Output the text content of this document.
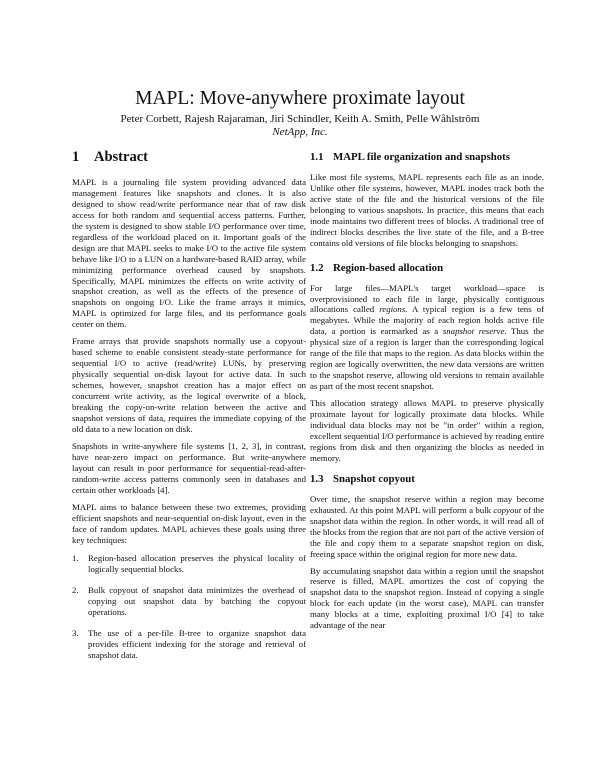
MAPL: Move-anywhere proximate layout
Peter Corbett, Rajesh Rajaraman, Jiri Schindler, Keith A. Smith, Pelle Wåhlström
NetApp, Inc.
1 Abstract

MAPL is a journaling file system providing advanced data management features like snapshots and clones. It is also designed to show read/write performance near that of raw disk access for both random and sequential access patterns. Further, the system is designed to show stable I/O performance over time, regardless of the workload placed on it. Important goals of the design are that MAPL seeks to make I/O to the active file system behave like I/O to a LUN on a hardware-based RAID array, while minimizing performance overhead caused by snapshots. Specifically, MAPL minimizes the effects on write activity of snapshot creation, as well as the effects of the presence of snapshots on ongoing I/O. Like the frame arrays it mimics, MAPL is optimized for large files, and its performance goals center on them.

Frame arrays that provide snapshots normally use a copyout-based scheme to enable consistent steady-state performance for sequential I/O to active (read/write) LUNs, by preserving physically sequential on-disk layout for active data. In such schemes, however, snapshot creation has a major effect on concurrent write activity, as the logical overwrite of a block, breaking the copy-on-write relation between the active and snapshot versions of data, requires the immediate copying of the old data to a new location on disk.

Snapshots in write-anywhere file systems [1, 2, 3], in contrast, have near-zero impact on performance. But write-anywhere layout can result in poor performance for sequential-read-after-random-write access patterns commonly seen in databases and certain other workloads [4].

MAPL aims to balance between these two extremes, providing efficient snapshots and near-sequential on-disk layout, even in the face of random updates. MAPL achieves these goals using three key techniques:

1. Region-based allocation preserves the physical locality of logically sequential blocks.
2. Bulk copyout of snapshot data minimizes the overhead of copying out snapshot data by batching the copyout operations.
3. The use of a per-file B-tree to organize snapshot data provides efficient indexing for the storage and retrieval of snapshot data.
1.1 MAPL file organization and snapshots

Like most file systems, MAPL represents each file as an inode. Unlike other file systems, however, MAPL inodes track both the active state of the file and the historical versions of the file belonging to various snapshots. In practice, this means that each inode maintains two different trees of blocks. A traditional tree of indirect blocks describes the live state of the file, and a B-tree contains old versions of file blocks belonging to snapshots.

1.2 Region-based allocation

For large files—MAPL's target workload—space is overprovisioned to each file in large, physically contiguous allocations called regions. A typical region is a few tens of megabytes. While the majority of each region holds active file data, a portion is earmarked as a snapshot reserve. Thus the physical size of a region is larger than the corresponding logical range of the file that maps to the region. As data blocks within the region are logically overwritten, the new data versions are written to the snapshot reserve, allowing old versions to remain available as part of the most recent snapshot.

This allocation strategy allows MAPL to preserve physically proximate layout for logically proximate data blocks. While individual data blocks may not be "in order" within a region, excellent sequential I/O performance is achieved by reading entire regions from disk and then organizing the blocks as needed in memory.

1.3 Snapshot copyout

Over time, the snapshot reserve within a region may become exhausted. At this point MAPL will perform a bulk copyout of the snapshot data within the region. In other words, it will read all of the blocks from the region that are not part of the active version of the file and copy them to a separate snapshot region on disk, freeing space within the original region for more new data.

By accumulating snapshot data within a region until the snapshot reserve is filled, MAPL amortizes the cost of copying the snapshot data to the snapshot region. Instead of copying a single block for each update (in the worst case), MAPL can transfer many blocks at a time, exploiting proximal I/O [4] to take advantage of the near
